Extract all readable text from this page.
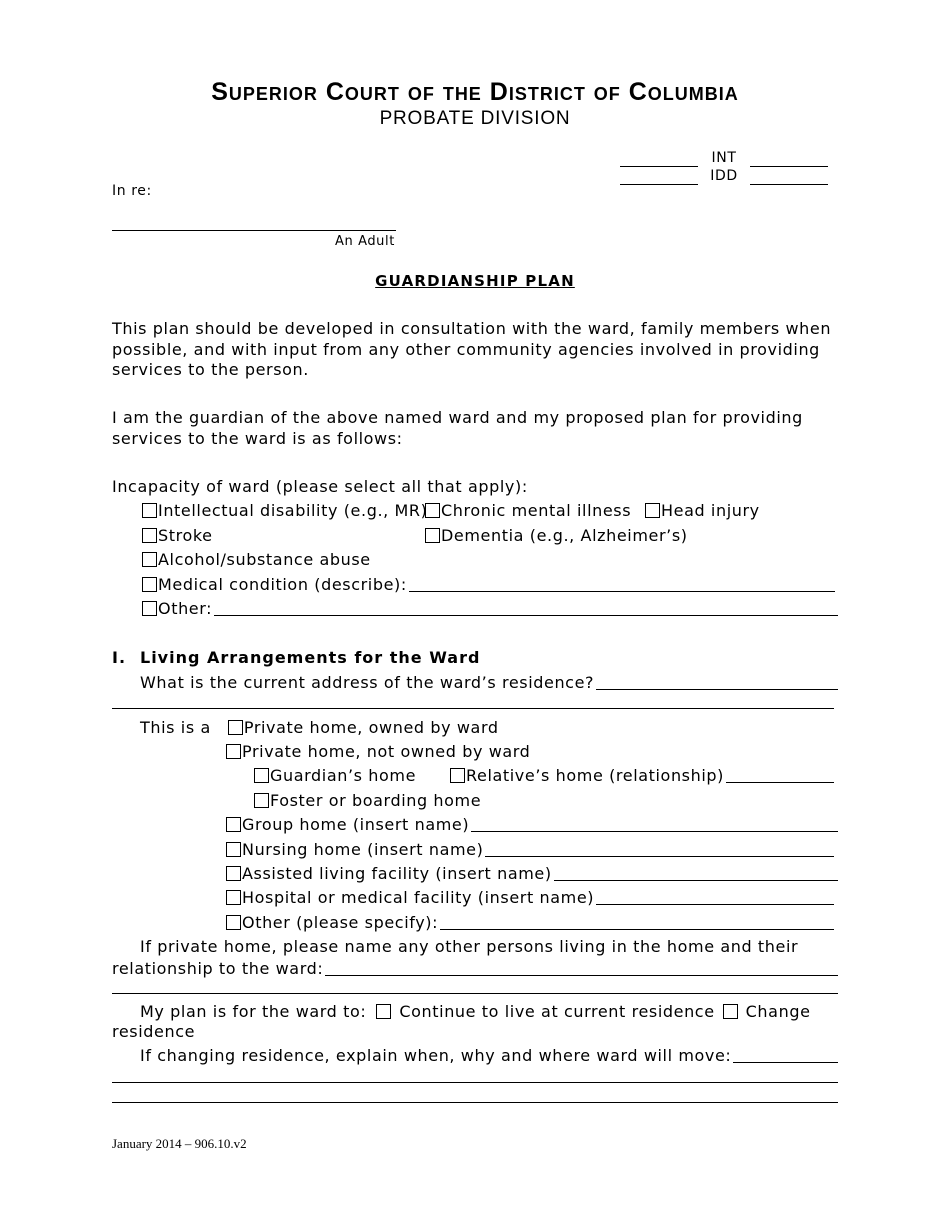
Superior Court of the District of Columbia
PROBATE DIVISION
INT
IDD
In re:
An Adult
GUARDIANSHIP PLAN
This plan should be developed in consultation with the ward, family members when possible, and with input from any other community agencies involved in providing services to the person.
I am the guardian of the above named ward and my proposed plan for providing services to the ward is as follows:
Incapacity of ward (please select all that apply):
Intellectual disability (e.g., MR) Chronic mental illness Head injury
Stroke	Dementia (e.g., Alzheimer’s)
Alcohol/substance abuse
Medical condition (describe):
Other:
I. Living Arrangements for the Ward
What is the current address of the ward’s residence?
This is a Private home, owned by ward
Private home, not owned by ward
Guardian’s home	Relative’s home (relationship)
Foster or boarding home
Group home (insert name)
Nursing home (insert name)
Assisted living facility (insert name)
Hospital or medical facility (insert name)
Other (please specify):
If private home, please name any other persons living in the home and their
relationship to the ward:
My plan is for the ward to: Continue to live at current residence Change
residence
If changing residence, explain when, why and where ward will move:
January 2014 – 906.10.v2
